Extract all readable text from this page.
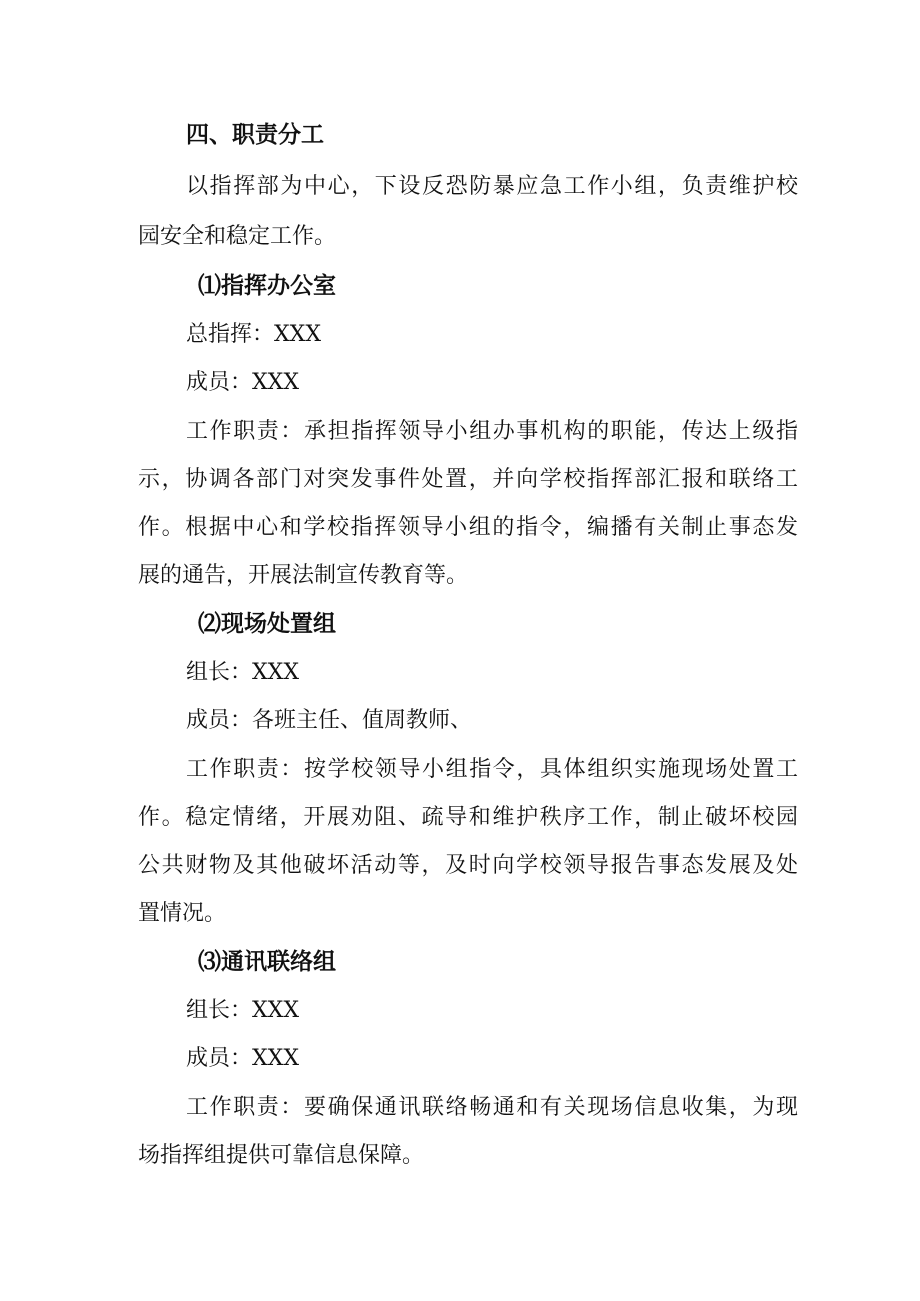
四、职责分工
以指挥部为中心，下设反恐防暴应急工作小组，负责维护校
园安全和稳定工作。
⑴指挥办公室
总指挥：XXX
成员：XXX
工作职责：承担指挥领导小组办事机构的职能，传达上级指
示，协调各部门对突发事件处置，并向学校指挥部汇报和联络工
作。根据中心和学校指挥领导小组的指令，编播有关制止事态发
展的通告，开展法制宣传教育等。
⑵现场处置组
组长：XXX
成员：各班主任、值周教师、
工作职责：按学校领导小组指令，具体组织实施现场处置工
作。稳定情绪，开展劝阻、疏导和维护秩序工作，制止破坏校园
公共财物及其他破坏活动等，及时向学校领导报告事态发展及处
置情况。
⑶通讯联络组
组长：XXX
成员：XXX
工作职责：要确保通讯联络畅通和有关现场信息收集，为现
场指挥组提供可靠信息保障。
